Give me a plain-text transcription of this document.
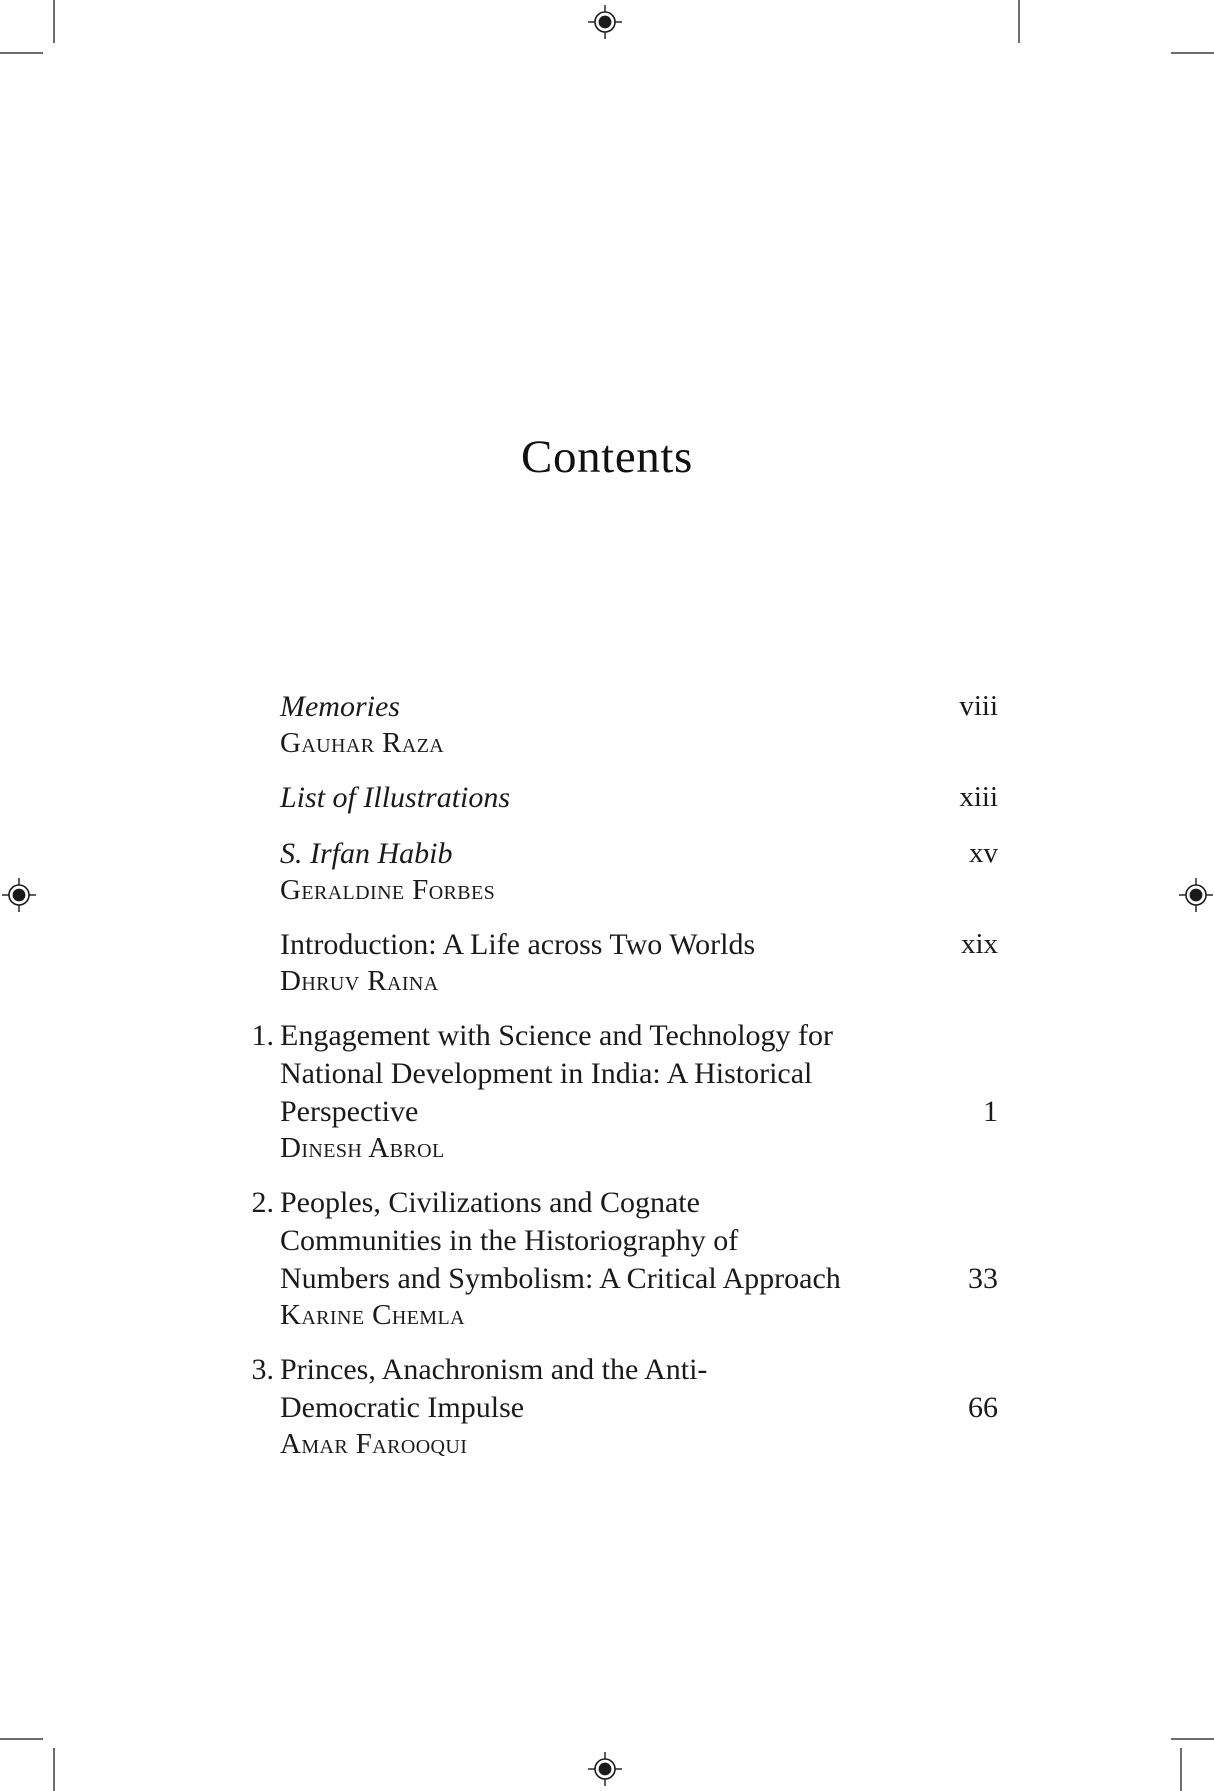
Contents
Memories
Gauhar Raza
viii
List of Illustrations	xiii
S. Irfan Habib
Geraldine Forbes
xv
Introduction: A Life across Two Worlds
Dhruv Raina
xix
1. Engagement with Science and Technology for
National Development in India: A Historical
Perspective
Dinesh Abrol
1
2. Peoples, Civilizations and Cognate
Communities in the Historiography of
Numbers and Symbolism: A Critical Approach
Karine Chemla
33
3. Princes, Anachronism and the Anti-
Democratic Impulse
Amar Farooqui
66
